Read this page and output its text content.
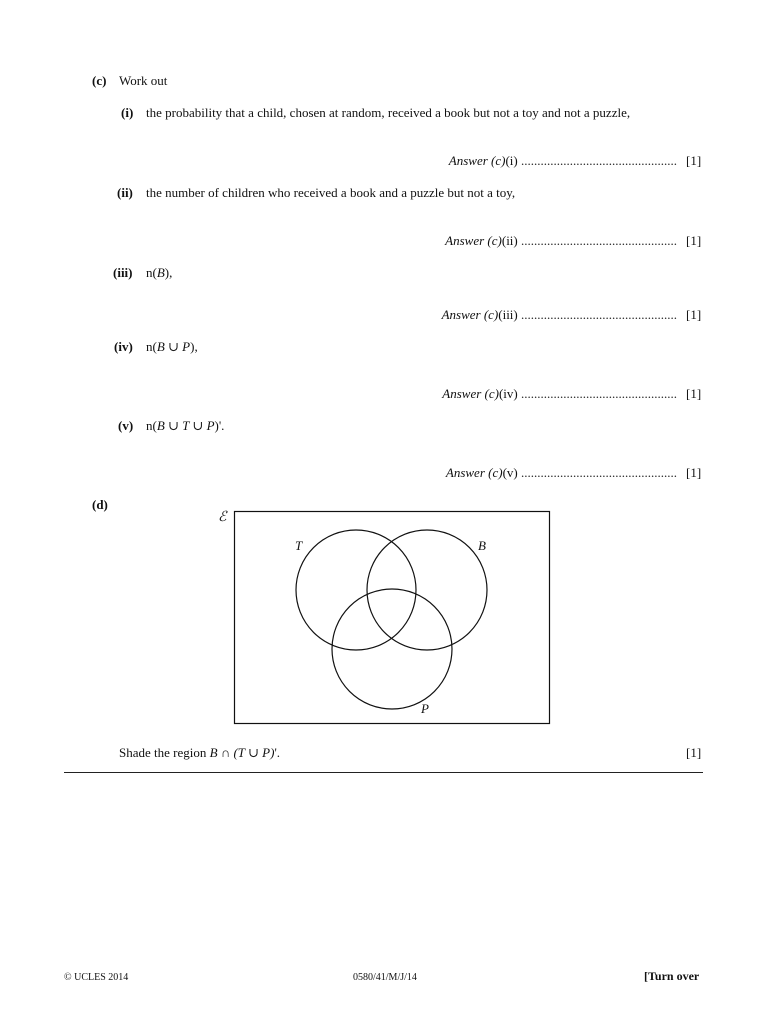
(c) Work out
(i) the probability that a child, chosen at random, received a book but not a toy and not a puzzle,
Answer (c)(i) ................................................ [1]
(ii) the number of children who received a book and a puzzle but not a toy,
Answer (c)(ii) ................................................ [1]
(iii) n(B),
Answer (c)(iii) ................................................ [1]
(iv) n(B ∪ P),
Answer (c)(iv) ................................................ [1]
(v) n(B ∪ T ∪ P)'.
Answer (c)(v) ................................................ [1]
(d)
ℰ
T	B
P
Shade the region B ∩ (T ∪ P)'.	[1]
© UCLES 2014	0580/41/M/J/14	[Turn over
